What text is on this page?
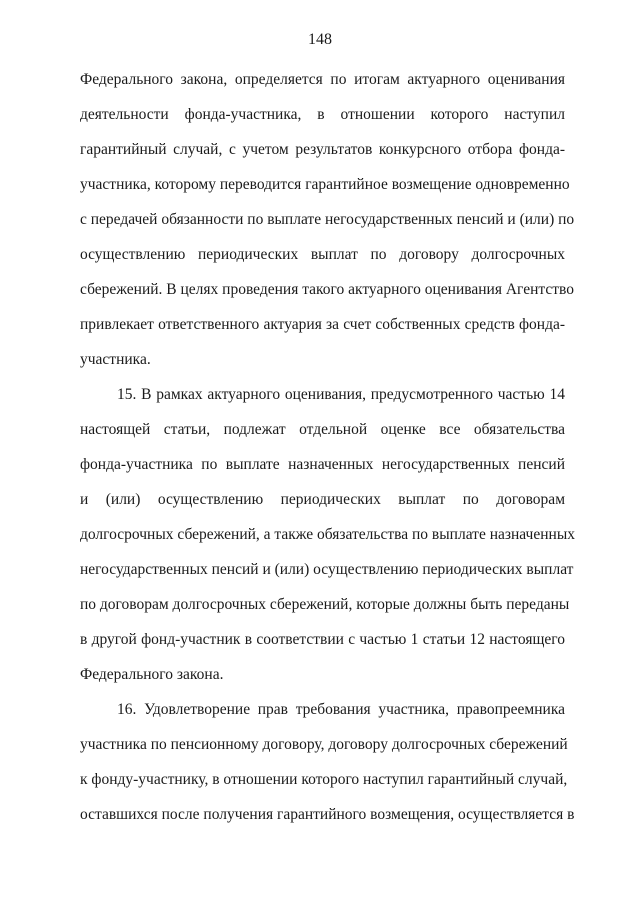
148
Федерального закона, определяется по итогам актуарного оценивания
деятельности фонда-участника, в отношении которого наступил
гарантийный случай, с учетом результатов конкурсного отбора фонда-
участника, которому переводится гарантийное возмещение одновременно
с передачей обязанности по выплате негосударственных пенсий и (или) по
осуществлению периодических выплат по договору долгосрочных
сбережений. В целях проведения такого актуарного оценивания Агентство
привлекает ответственного актуария за счет собственных средств фонда-
участника.
15. В рамках актуарного оценивания, предусмотренного частью 14
настоящей статьи, подлежат отдельной оценке все обязательства
фонда-участника по выплате назначенных негосударственных пенсий
и (или) осуществлению периодических выплат по договорам
долгосрочных сбережений, а также обязательства по выплате назначенных
негосударственных пенсий и (или) осуществлению периодических выплат
по договорам долгосрочных сбережений, которые должны быть переданы
в другой фонд-участник в соответствии с частью 1 статьи 12 настоящего
Федерального закона.
16. Удовлетворение прав требования участника, правопреемника
участника по пенсионному договору, договору долгосрочных сбережений
к фонду-участнику, в отношении которого наступил гарантийный случай,
оставшихся после получения гарантийного возмещения, осуществляется в
